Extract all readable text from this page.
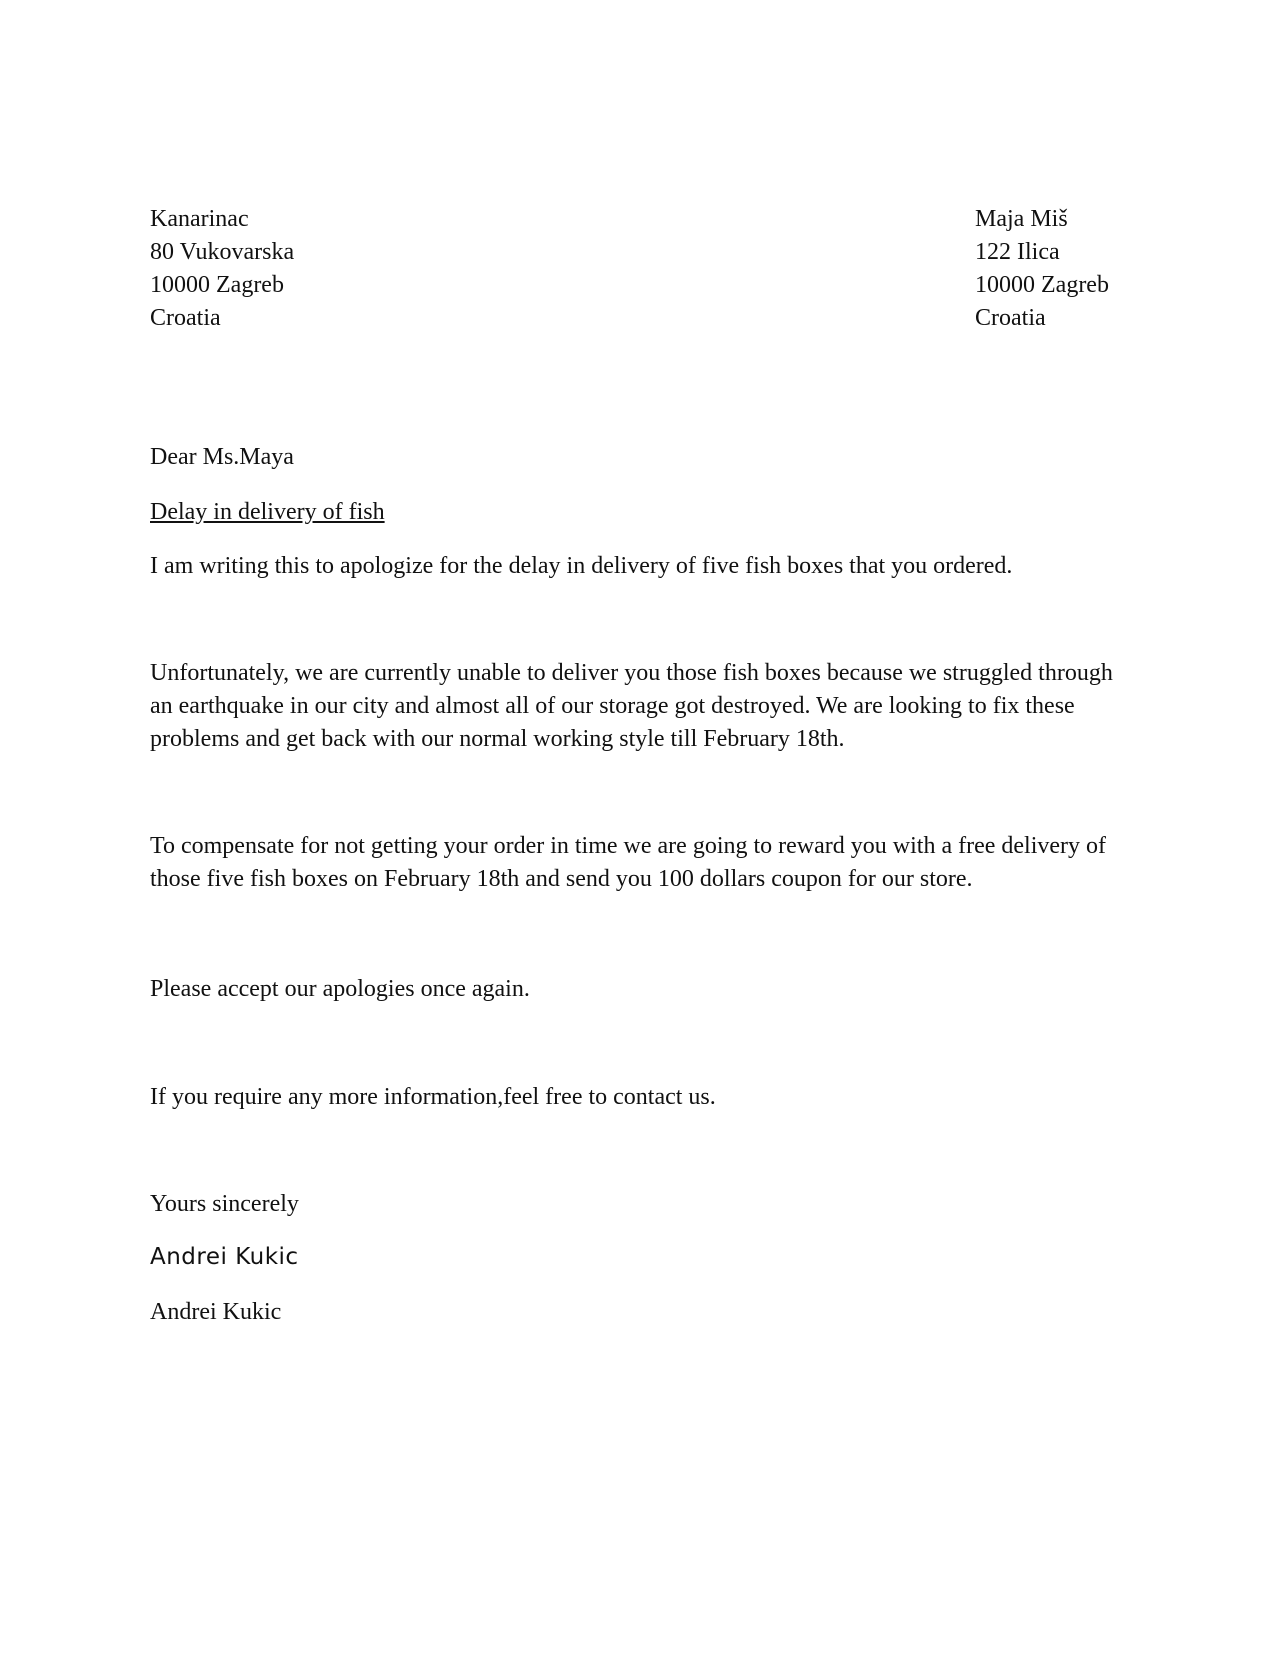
Kanarinac
80 Vukovarska
10000 Zagreb
Croatia
Maja Miš
122 Ilica
10000 Zagreb
Croatia
Dear Ms.Maya
Delay in delivery of fish
I am writing this to apologize for the delay in delivery of five fish boxes that you ordered.
Unfortunately, we are currently unable to deliver you those fish boxes because we struggled through an earthquake in our city and almost all of our storage got destroyed. We are looking to fix these problems and get back with our normal working style till February 18th.
To compensate for not getting your order in time we are going to reward you with a free delivery of those five fish boxes on February 18th and send you 100 dollars coupon for our store.
Please accept our apologies once again.
If you require any more information,feel free to contact us.
Yours sincerely
Andrei Kukic
Andrei Kukic
